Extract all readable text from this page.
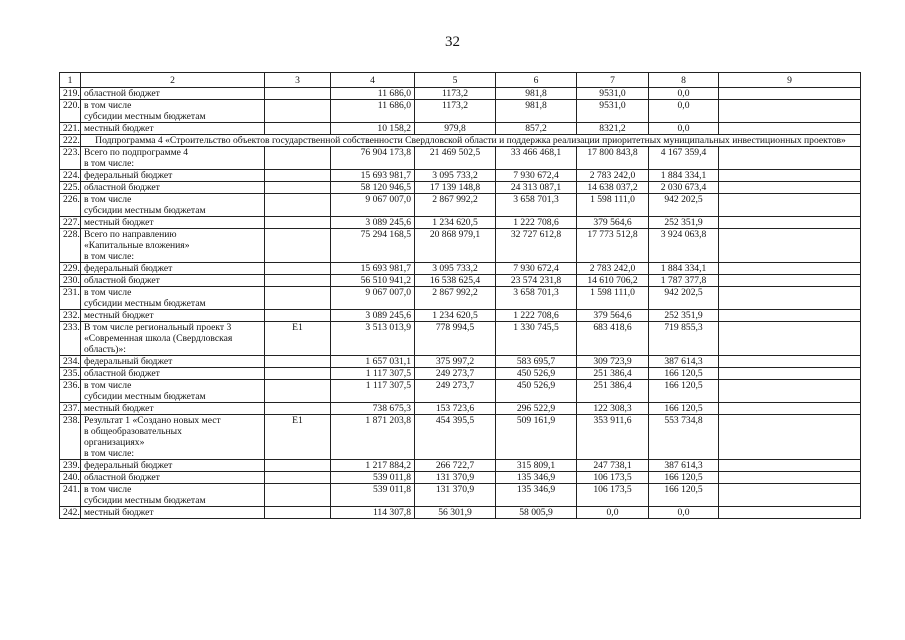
32
1	2	3	4	5	6	7	8	9
219.	областной бюджет		11 686,0	1173,2	981,8	9531,0	0,0	
220.	в том числе
субсидии местным бюджетам		11 686,0	1173,2	981,8	9531,0	0,0	
221.	местный бюджет		10 158,2	979,8	857,2	8321,2	0,0	
222.	Подпрограмма 4 «Строительство объектов государственной собственности Свердловской области и поддержка реализации приоритетных муниципальных инвестиционных проектов»							
223.	Всего по подпрограмме 4
в том числе:		76 904 173,8	21 469 502,5	33 466 468,1	17 800 843,8	4 167 359,4	
224.	федеральный бюджет		15 693 981,7	3 095 733,2	7 930 672,4	2 783 242,0	1 884 334,1	
225.	областной бюджет		58 120 946,5	17 139 148,8	24 313 087,1	14 638 037,2	2 030 673,4	
226.	в том числе
субсидии местным бюджетам		9 067 007,0	2 867 992,2	3 658 701,3	1 598 111,0	942 202,5	
227.	местный бюджет		3 089 245,6	1 234 620,5	1 222 708,6	379 564,6	252 351,9	
228.	Всего по направлению
«Капитальные вложения»
в том числе:		75 294 168,5	20 868 979,1	32 727 612,8	17 773 512,8	3 924 063,8	
229.	федеральный бюджет		15 693 981,7	3 095 733,2	7 930 672,4	2 783 242,0	1 884 334,1	
230.	областной бюджет		56 510 941,2	16 538 625,4	23 574 231,8	14 610 706,2	1 787 377,8	
231.	в том числе
субсидии местным бюджетам		9 067 007,0	2 867 992,2	3 658 701,3	1 598 111,0	942 202,5	
232.	местный бюджет		3 089 245,6	1 234 620,5	1 222 708,6	379 564,6	252 351,9	
233.	В том числе региональный проект 3
«Современная школа (Свердловская
область)»:	Е1	3 513 013,9	778 994,5	1 330 745,5	683 418,6	719 855,3	
234.	федеральный бюджет		1 657 031,1	375 997,2	583 695,7	309 723,9	387 614,3	
235.	областной бюджет		1 117 307,5	249 273,7	450 526,9	251 386,4	166 120,5	
236.	в том числе
субсидии местным бюджетам		1 117 307,5	249 273,7	450 526,9	251 386,4	166 120,5	
237.	местный бюджет		738 675,3	153 723,6	296 522,9	122 308,3	166 120,5	
238.	Результат 1 «Создано новых мест
в общеобразовательных
организациях»
в том числе:	Е1	1 871 203,8	454 395,5	509 161,9	353 911,6	553 734,8	
239.	федеральный бюджет		1 217 884,2	266 722,7	315 809,1	247 738,1	387 614,3	
240.	областной бюджет		539 011,8	131 370,9	135 346,9	106 173,5	166 120,5	
241.	в том числе
субсидии местным бюджетам		539 011,8	131 370,9	135 346,9	106 173,5	166 120,5	
242.	местный бюджет		114 307,8	56 301,9	58 005,9	0,0	0,0	
